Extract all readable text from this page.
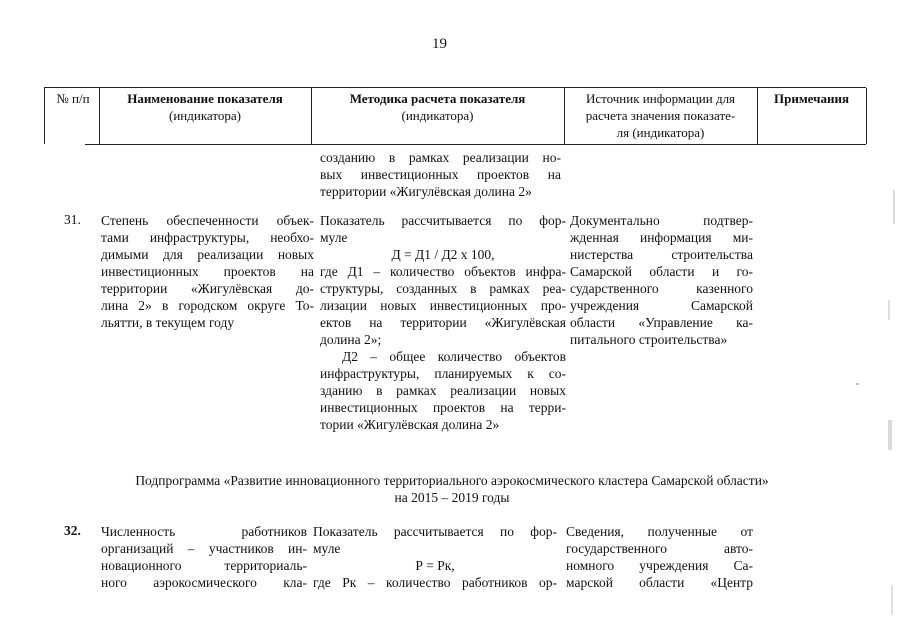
19
№ п/п	Наименование показателя
(индикатора)
Методика расчета показателя
(индикатора)
Источник информации для
расчета значения показате-
ля (индикатора)
Примечания
созданию в рамках реализации но-
вых инвестиционных проектов на
территории «Жигулёвская долина 2»
31. Степень обеспеченности объек-
тами инфраструктуры, необхо-
димыми для реализации новых
инвестиционных проектов на
территории «Жигулёвская до-
лина 2» в городском округе То-
льятти, в текущем году
Показатель рассчитывается по фор-
муле
Д = Д1 / Д2 х 100,
где Д1 – количество объектов инфра-
структуры, созданных в рамках реа-
лизации новых инвестиционных про-
ектов на территории «Жигулёвская
долина 2»;
Д2 – общее количество объектов
инфраструктуры, планируемых к со-
зданию в рамках реализации новых
инвестиционных проектов на терри-
тории «Жигулёвская долина 2»
Документально подтвер-
жденная информация ми-
нистерства строительства
Самарской области и го-
сударственного казенного
учреждения Самарской
области «Управление ка-
питального строительства»
Подпрограмма «Развитие инновационного территориального аэрокосмического кластера Самарской области»
на 2015 – 2019 годы
32. Численность работников
организаций – участников ин-
новационного территориаль-
ного аэрокосмического кла-
Показатель рассчитывается по фор-
муле
Р = Рк,
где Рк – количество работников ор-
Сведения, полученные от
государственного авто-
номного учреждения Са-
марской области «Центр
